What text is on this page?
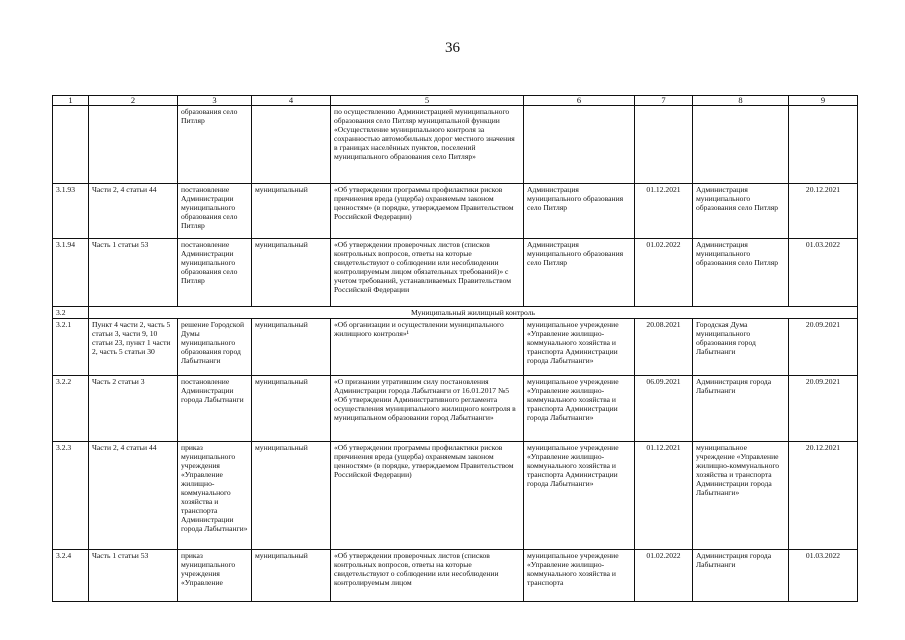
36
1	2	3	4	5	6	7	8	9
		образования село Питляр		по осуществлению Администрацией муниципального образования село Питляр муниципальной функции «Осуществление муниципального контроля за сохранностью автомобильных дорог местного значения в границах населённых пунктов, поселений муниципального образования село Питляр»				
3.1.93	Части 2, 4 статьи 44	постановление Администрации муниципального образования село Питляр	муниципальный	«Об утверждении программы профилактики рисков причинения вреда (ущерба) охраняемым законом ценностям» (в порядке, утверждаемом Правительством Российской Федерации)	Администрация муниципального образования село Питляр	01.12.2021	Администрация муниципального образования село Питляр	20.12.2021
3.1.94	Часть 1 статьи 53	постановление Администрации муниципального образования село Питляр	муниципальный	«Об утверждении проверочных листов (списков контрольных вопросов, ответы на которые свидетельствуют о соблюдении или несоблюдении контролируемым лицом обязательных требований)» с учетом требований, устанавливаемых Правительством Российской Федерации	Администрация муниципального образования село Питляр	01.02.2022	Администрация муниципального образования село Питляр	01.03.2022
3.2	Муниципальный жилищный контроль							
3.2.1	Пункт 4 части 2, часть 5 статьи 3, части 9, 10 статьи 23, пункт 1 части 2, часть 5 статьи 30	решение Городской Думы муниципального образования город Лабытнанги	муниципальный	«Об организации и осуществлении муниципального жилищного контроля»¹	муниципальное учреждение «Управление жилищно-коммунального хозяйства и транспорта Администрации города Лабытнанги»	20.08.2021	Городская Дума муниципального образования город Лабытнанги	20.09.2021
3.2.2	Часть 2 статьи 3	постановление Администрации города Лабытнанги	муниципальный	«О признании утратившим силу постановления Администрации города Лабытнанги от 16.01.2017 №5 «Об утверждении Административного регламента осуществления муниципального жилищного контроля в муниципальном образовании город Лабытнанги»	муниципальное учреждение «Управление жилищно-коммунального хозяйства и транспорта Администрации города Лабытнанги»	06.09.2021	Администрация города Лабытнанги	20.09.2021
3.2.3	Части 2, 4 статьи 44	приказ муниципального учреждения «Управление жилищно-коммунального хозяйства и транспорта Администрации города Лабытнанги»	муниципальный	«Об утверждении программы профилактики рисков причинения вреда (ущерба) охраняемым законом ценностям» (в порядке, утверждаемом Правительством Российской Федерации)	муниципальное учреждение «Управление жилищно-коммунального хозяйства и транспорта Администрации города Лабытнанги»	01.12.2021	муниципальное учреждение «Управление жилищно-коммунального хозяйства и транспорта Администрации города Лабытнанги»	20.12.2021
3.2.4	Часть 1 статьи 53	приказ муниципального учреждения «Управление	муниципальный	«Об утверждении проверочных листов (списков контрольных вопросов, ответы на которые свидетельствуют о соблюдении или несоблюдении контролируемым лицом	муниципальное учреждение «Управление жилищно-коммунального хозяйства и транспорта	01.02.2022	Администрация города Лабытнанги	01.03.2022
